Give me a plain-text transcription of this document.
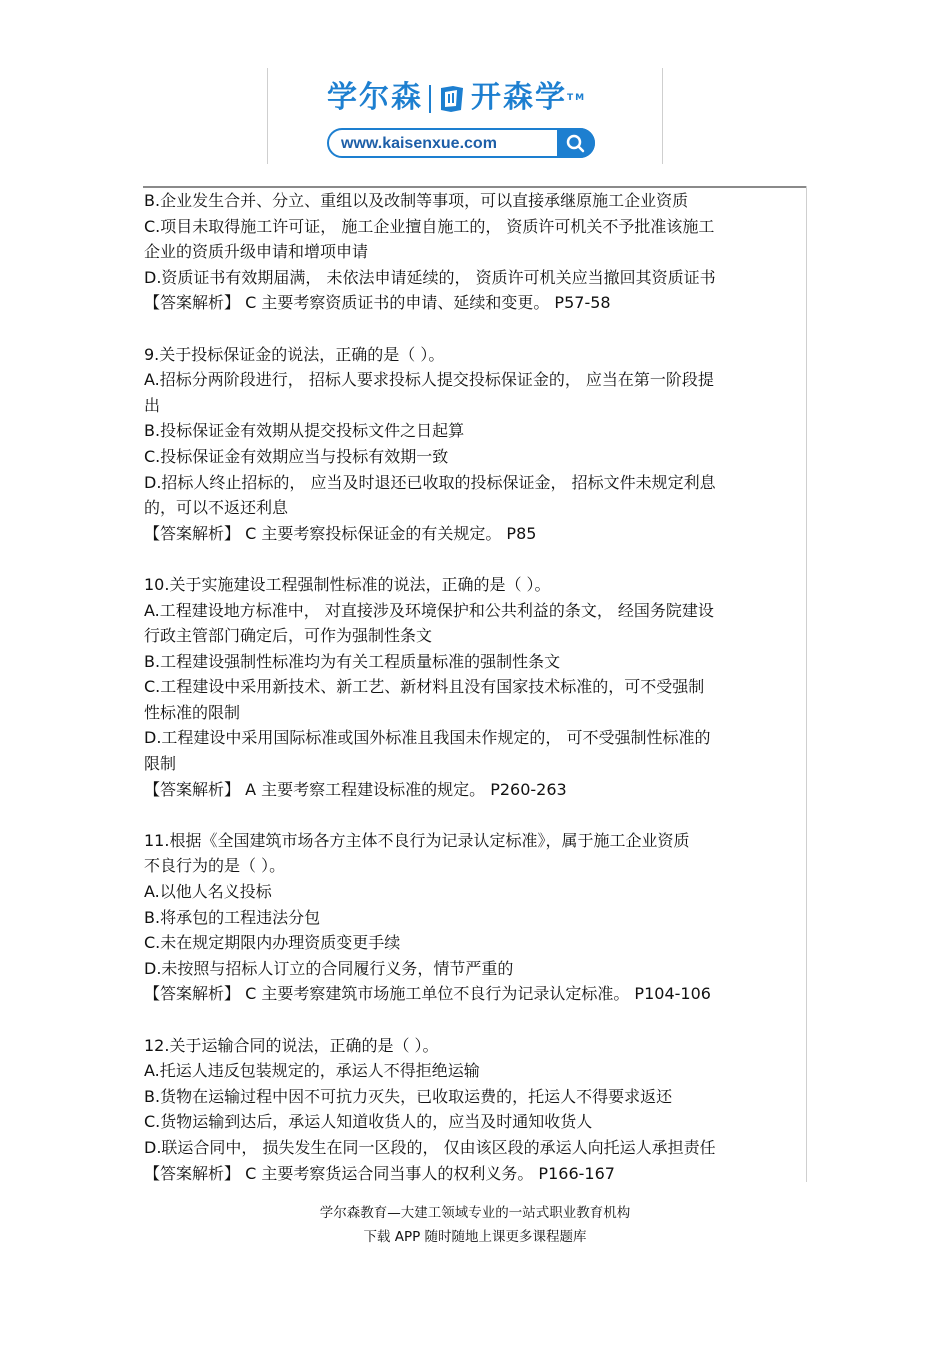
学尔森 开森学™
www.kaisenxue.com

B.企业发生合并、分立、重组以及改制等事项，可以直接承继原施工企业资质

C.项目未取得施工许可证， 施工企业擅自施工的， 资质许可机关不予批准该施工

企业的资质升级申请和增项申请

D.资质证书有效期届满， 未依法申请延续的， 资质许可机关应当撤回其资质证书

【答案解析】 C 主要考察资质证书的申请、延续和变更。 P57-58

9.关于投标保证金的说法，正确的是（ ）。

A.招标分两阶段进行， 招标人要求投标人提交投标保证金的， 应当在第一阶段提

出

B.投标保证金有效期从提交投标文件之日起算

C.投标保证金有效期应当与投标有效期一致

D.招标人终止招标的， 应当及时退还已收取的投标保证金， 招标文件未规定利息

的，可以不返还利息

【答案解析】 C 主要考察投标保证金的有关规定。 P85

10.关于实施建设工程强制性标准的说法，正确的是（ ）。

A.工程建设地方标准中， 对直接涉及环境保护和公共利益的条文， 经国务院建设

行政主管部门确定后，可作为强制性条文

B.工程建设强制性标准均为有关工程质量标准的强制性条文

C.工程建设中采用新技术、新工艺、新材料且没有国家技术标准的，可不受强制

性标准的限制

D.工程建设中采用国际标准或国外标准且我国未作规定的， 可不受强制性标准的

限制

【答案解析】 A 主要考察工程建设标准的规定。 P260-263

11.根据《全国建筑市场各方主体不良行为记录认定标准》，属于施工企业资质

不良行为的是（ ）。

A.以他人名义投标

B.将承包的工程违法分包

C.未在规定期限内办理资质变更手续

D.未按照与招标人订立的合同履行义务，情节严重的

【答案解析】 C 主要考察建筑市场施工单位不良行为记录认定标准。 P104-106

12.关于运输合同的说法，正确的是（ ）。

A.托运人违反包装规定的，承运人不得拒绝运输

B.货物在运输过程中因不可抗力灭失，已收取运费的，托运人不得要求返还

C.货物运输到达后，承运人知道收货人的，应当及时通知收货人

D.联运合同中， 损失发生在同一区段的， 仅由该区段的承运人向托运人承担责任

【答案解析】 C 主要考察货运合同当事人的权利义务。 P166-167

学尔森教育—大建工领域专业的一站式职业教育机构
下载 APP 随时随地上课更多课程题库
